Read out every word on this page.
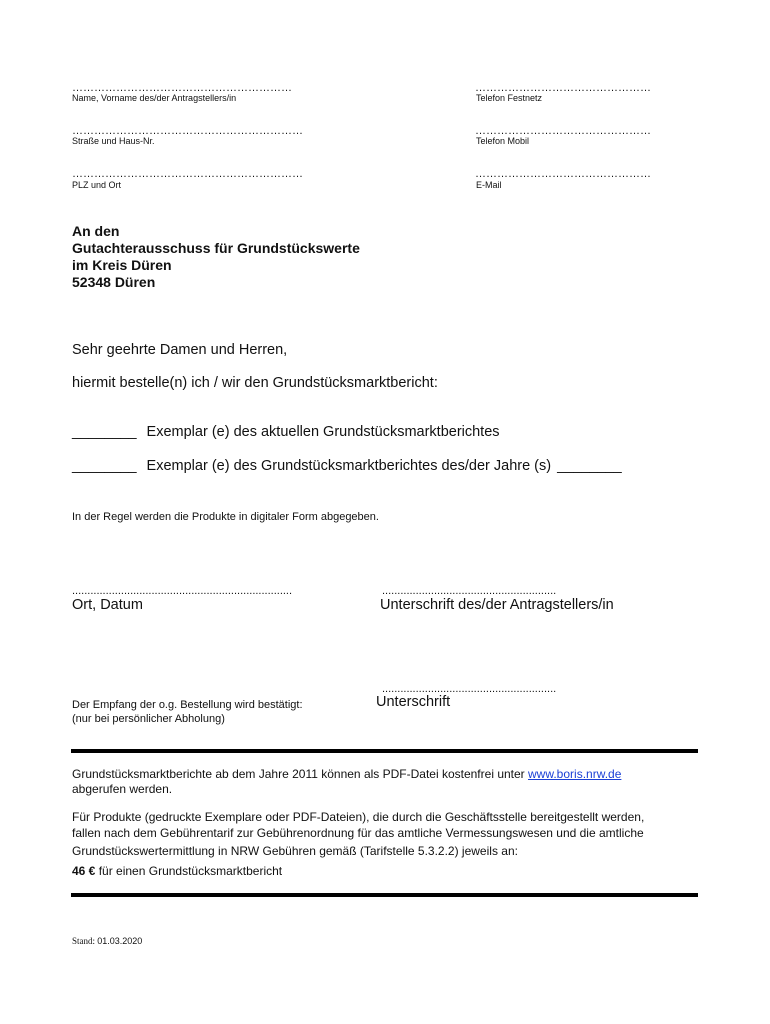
……………………………………………………
Name, Vorname des/der Antragstellers/in
………………………………………………………
Straße und Haus-Nr.
………………………………………………………
PLZ und Ort
…………………………………………
Telefon Festnetz
…………………………………………
Telefon Mobil
…………………………………………
E-Mail
An den
Gutachterausschuss für Grundstückswerte
im Kreis Düren
52348 Düren
Sehr geehrte Damen und Herren,
hiermit bestelle(n) ich / wir den Grundstücksmarktbericht:
________ Exemplar (e) des aktuellen Grundstücksmarktberichtes
________ Exemplar (e) des Grundstücksmarktberichtes des/der Jahre (s) ________
In der Regel werden die Produkte in digitaler Form abgegeben.
........................................................................
Ort, Datum
.........................................................
Unterschrift des/der Antragstellers/in
.........................................................
Unterschrift
Der Empfang der o.g. Bestellung wird bestätigt:
(nur bei persönlicher Abholung)
Grundstücksmarktberichte ab dem Jahre 2011 können als PDF-Datei kostenfrei unter www.boris.nrw.de
abgerufen werden.
Für Produkte (gedruckte Exemplare oder PDF-Dateien), die durch die Geschäftsstelle bereitgestellt werden,
fallen nach dem Gebührentarif zur Gebührenordnung für das amtliche Vermessungswesen und die amtliche
Grundstückswertermittlung in NRW Gebühren gemäß (Tarifstelle 5.3.2.2) jeweils an:
46 € für einen Grundstücksmarktbericht
Stand: 01.03.2020
